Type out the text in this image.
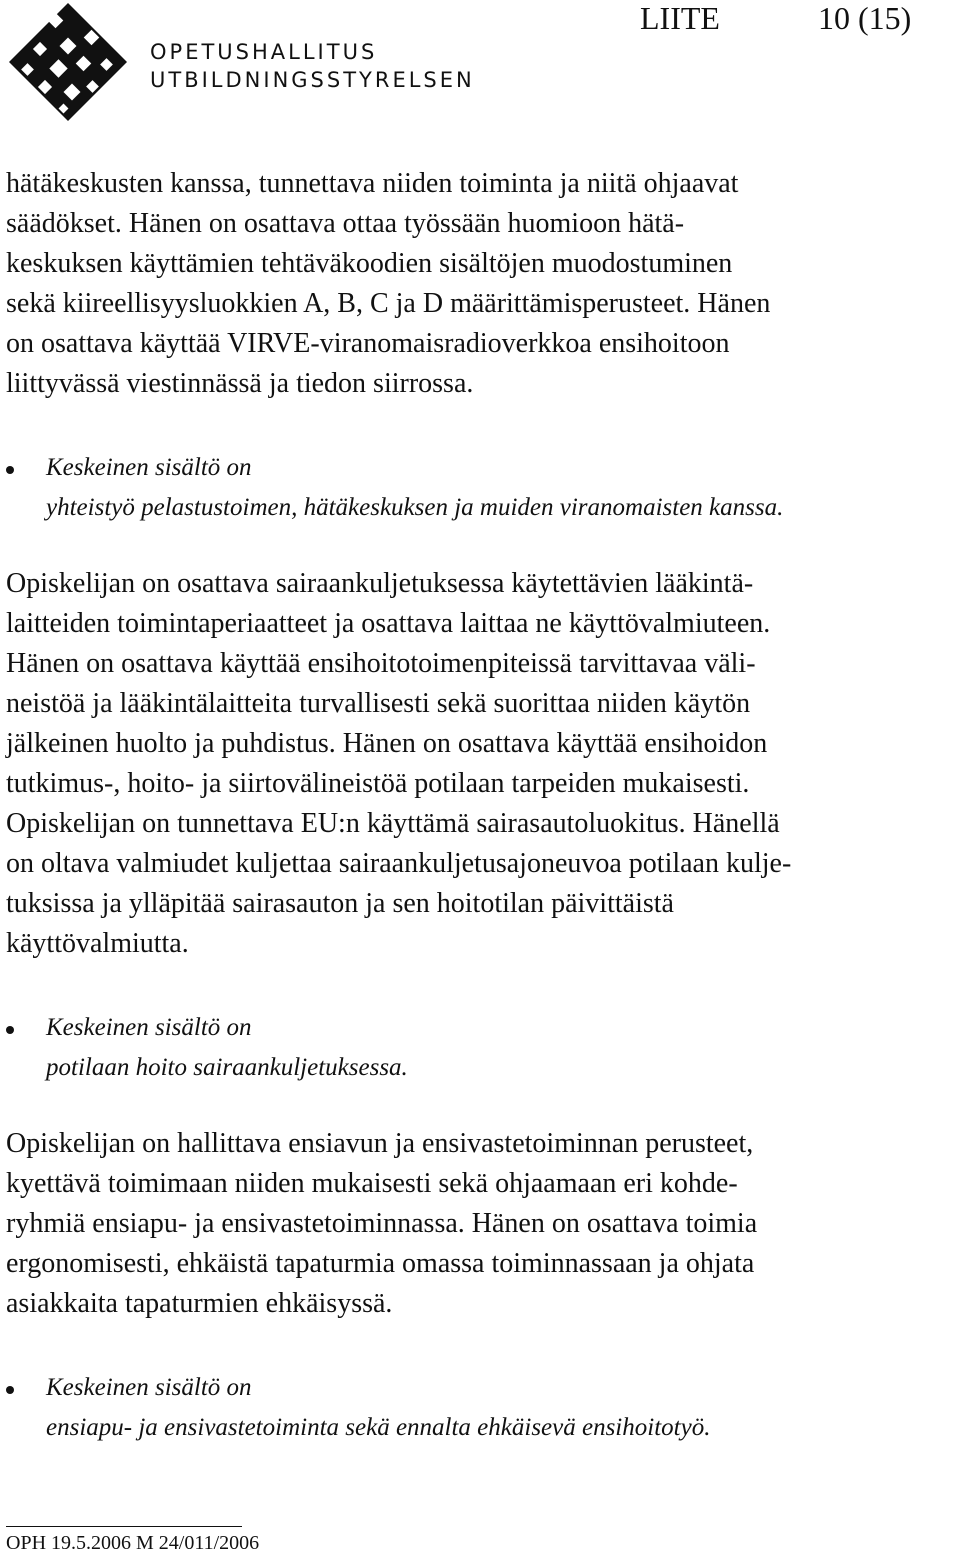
OPETUSHALLITUS
UTBILDNINGSSTYRELSEN
LIITE	10 (15)
hätäkeskusten kanssa, tunnettava niiden toiminta ja niitä ohjaavat
säädökset. Hänen on osattava ottaa työssään huomioon hätä-
keskuksen käyttämien tehtäväkoodien sisältöjen muodostuminen
sekä kiireellisyysluokkien A, B, C ja D määrittämisperusteet. Hänen
on osattava käyttää VIRVE-viranomaisradioverkkoa ensihoitoon
liittyvässä viestinnässä ja tiedon siirrossa.
Keskeinen sisältö on
yhteistyö pelastustoimen, hätäkeskuksen ja muiden viranomaisten kanssa.
Opiskelijan on osattava sairaankuljetuksessa käytettävien lääkintä-
laitteiden toimintaperiaatteet ja osattava laittaa ne käyttövalmiuteen.
Hänen on osattava käyttää ensihoitotoimenpiteissä tarvittavaa väli-
neistöä ja lääkintälaitteita turvallisesti sekä suorittaa niiden käytön
jälkeinen huolto ja puhdistus. Hänen on osattava käyttää ensihoidon
tutkimus-, hoito- ja siirtovälineistöä potilaan tarpeiden mukaisesti.
Opiskelijan on tunnettava EU:n käyttämä sairasautoluokitus. Hänellä
on oltava valmiudet kuljettaa sairaankuljetusajoneuvoa potilaan kulje-
tuksissa ja ylläpitää sairasauton ja sen hoitotilan päivittäistä
käyttövalmiutta.
Keskeinen sisältö on
potilaan hoito sairaankuljetuksessa.
Opiskelijan on hallittava ensiavun ja ensivastetoiminnan perusteet,
kyettävä toimimaan niiden mukaisesti sekä ohjaamaan eri kohde-
ryhmiä ensiapu- ja ensivastetoiminnassa. Hänen on osattava toimia
ergonomisesti, ehkäistä tapaturmia omassa toiminnassaan ja ohjata
asiakkaita tapaturmien ehkäisyssä.
Keskeinen sisältö on
ensiapu- ja ensivastetoiminta sekä ennalta ehkäisevä ensihoitotyö.
OPH 19.5.2006 M 24/011/2006
